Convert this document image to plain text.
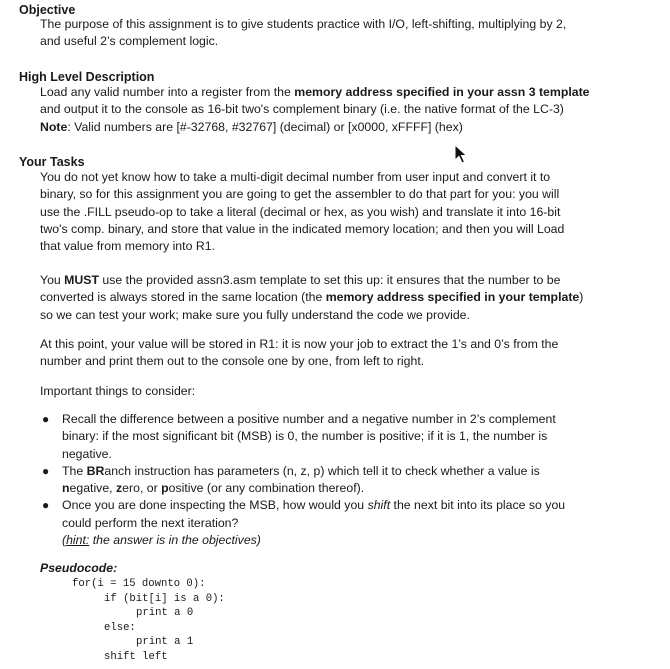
Objective
The purpose of this assignment is to give students practice with I/O, left-shifting, multiplying by 2,
and useful 2’s complement logic.
High Level Description
Load any valid number into a register from the memory address specified in your assn 3 template
and output it to the console as 16-bit two's complement binary (i.e. the native format of the LC-3)
Note: Valid numbers are [#-32768, #32767] (decimal) or [x0000, xFFFF] (hex)
Your Tasks
You do not yet know how to take a multi-digit decimal number from user input and convert it to
binary, so for this assignment you are going to get the assembler to do that part for you: you will
use the .FILL pseudo-op to take a literal (decimal or hex, as you wish) and translate it into 16-bit
two's comp. binary, and store that value in the indicated memory location; and then you will Load
that value from memory into R1.
You MUST use the provided assn3.asm template to set this up: it ensures that the number to be
converted is always stored in the same location (the memory address specified in your template)
so we can test your work; make sure you fully understand the code we provide.
At this point, your value will be stored in R1: it is now your job to extract the 1’s and 0’s from the
number and print them out to the console one by one, from left to right.
Important things to consider:
● Recall the difference between a positive number and a negative number in 2’s complement
binary: if the most significant bit (MSB) is 0, the number is positive; if it is 1, the number is
negative.
● The BRanch instruction has parameters (n, z, p) which tell it to check whether a value is
negative, zero, or positive (or any combination thereof).
● Once you are done inspecting the MSB, how would you shift the next bit into its place so you
could perform the next iteration?
(hint: the answer is in the objectives)
Pseudocode:
for(i = 15 downto 0):
if (bit[i] is a 0):
print a 0
else:
print a 1
shift left
